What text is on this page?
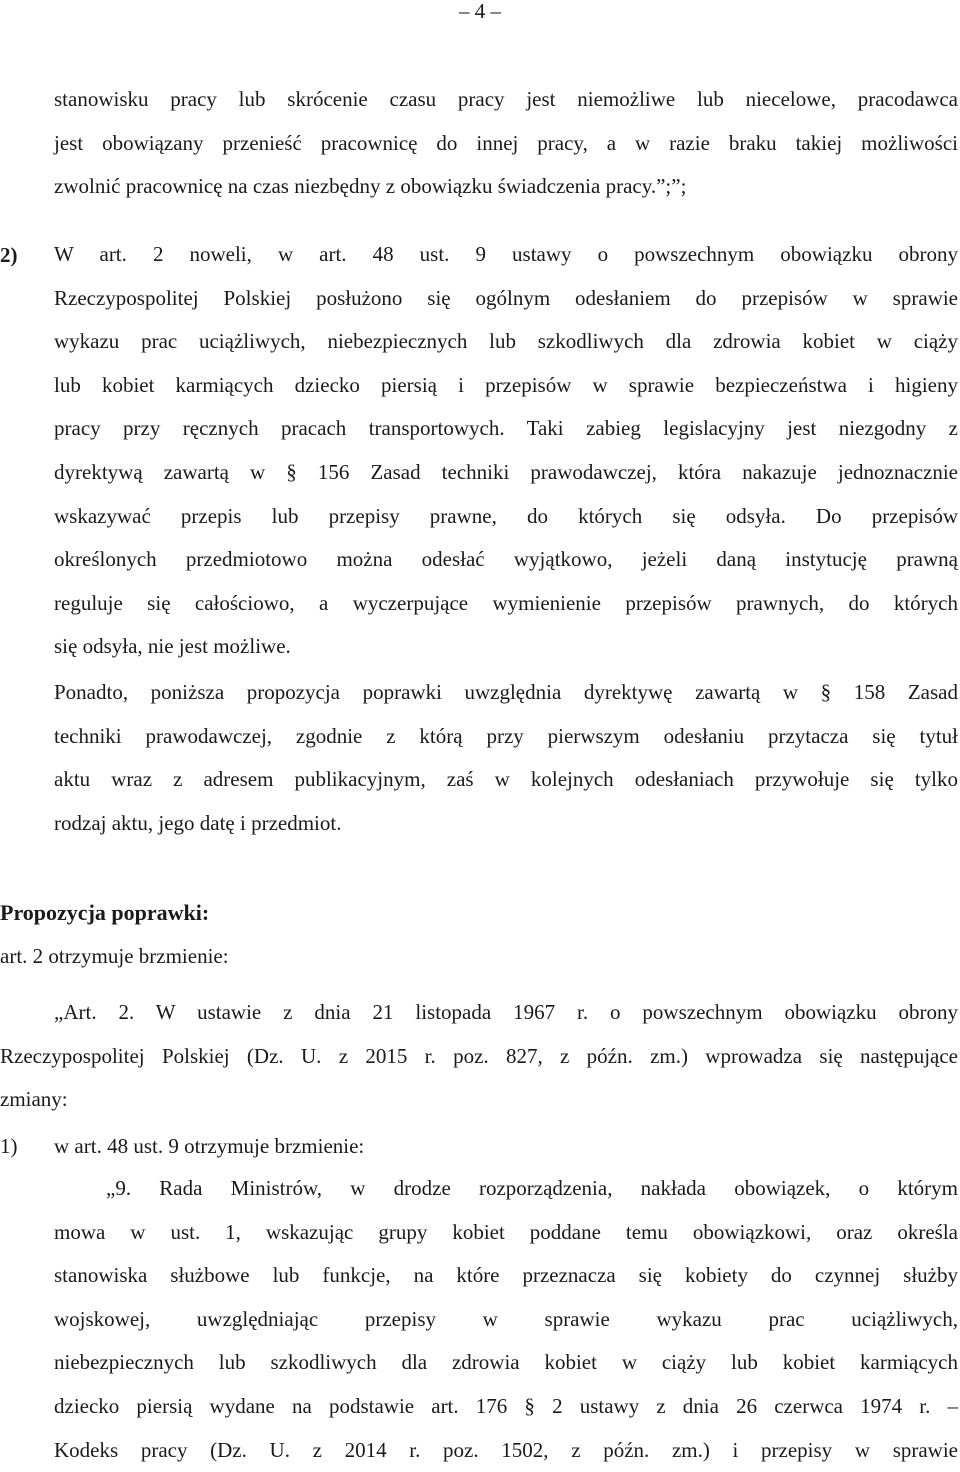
– 4 –

stanowisku pracy lub skrócenie czasu pracy jest niemożliwe lub niecelowe, pracodawca

jest obowiązany przenieść pracownicę do innej pracy, a w razie braku takiej możliwości

zwolnić pracownicę na czas niezbędny z obowiązku świadczenia pracy.”;”;

2) W art. 2 noweli, w art. 48 ust. 9 ustawy o powszechnym obowiązku obrony

Rzeczypospolitej Polskiej posłużono się ogólnym odesłaniem do przepisów w sprawie

wykazu prac uciążliwych, niebezpiecznych lub szkodliwych dla zdrowia kobiet w ciąży

lub kobiet karmiących dziecko piersią i przepisów w sprawie bezpieczeństwa i higieny

pracy przy ręcznych pracach transportowych. Taki zabieg legislacyjny jest niezgodny z

dyrektywą zawartą w § 156 Zasad techniki prawodawczej, która nakazuje jednoznacznie

wskazywać przepis lub przepisy prawne, do których się odsyła. Do przepisów

określonych przedmiotowo można odesłać wyjątkowo, jeżeli daną instytucję prawną

reguluje się całościowo, a wyczerpujące wymienienie przepisów prawnych, do których

się odsyła, nie jest możliwe.

Ponadto, poniższa propozycja poprawki uwzględnia dyrektywę zawartą w § 158 Zasad

techniki prawodawczej, zgodnie z którą przy pierwszym odesłaniu przytacza się tytuł

aktu wraz z adresem publikacyjnym, zaś w kolejnych odesłaniach przywołuje się tylko

rodzaj aktu, jego datę i przedmiot.

Propozycja poprawki:
art. 2 otrzymuje brzmienie:

„Art. 2. W ustawie z dnia 21 listopada 1967 r. o powszechnym obowiązku obrony

Rzeczypospolitej Polskiej (Dz. U. z 2015 r. poz. 827, z późn. zm.) wprowadza się następujące

zmiany:

1) w art. 48 ust. 9 otrzymuje brzmienie:

„9. Rada Ministrów, w drodze rozporządzenia, nakłada obowiązek, o którym

mowa w ust. 1, wskazując grupy kobiet poddane temu obowiązkowi, oraz określa

stanowiska służbowe lub funkcje, na które przeznacza się kobiety do czynnej służby

wojskowej, uwzględniając przepisy w sprawie wykazu prac uciążliwych,

niebezpiecznych lub szkodliwych dla zdrowia kobiet w ciąży lub kobiet karmiących

dziecko piersią wydane na podstawie art. 176 § 2 ustawy z dnia 26 czerwca 1974 r. –

Kodeks pracy (Dz. U. z 2014 r. poz. 1502, z późn. zm.) i przepisy w sprawie
